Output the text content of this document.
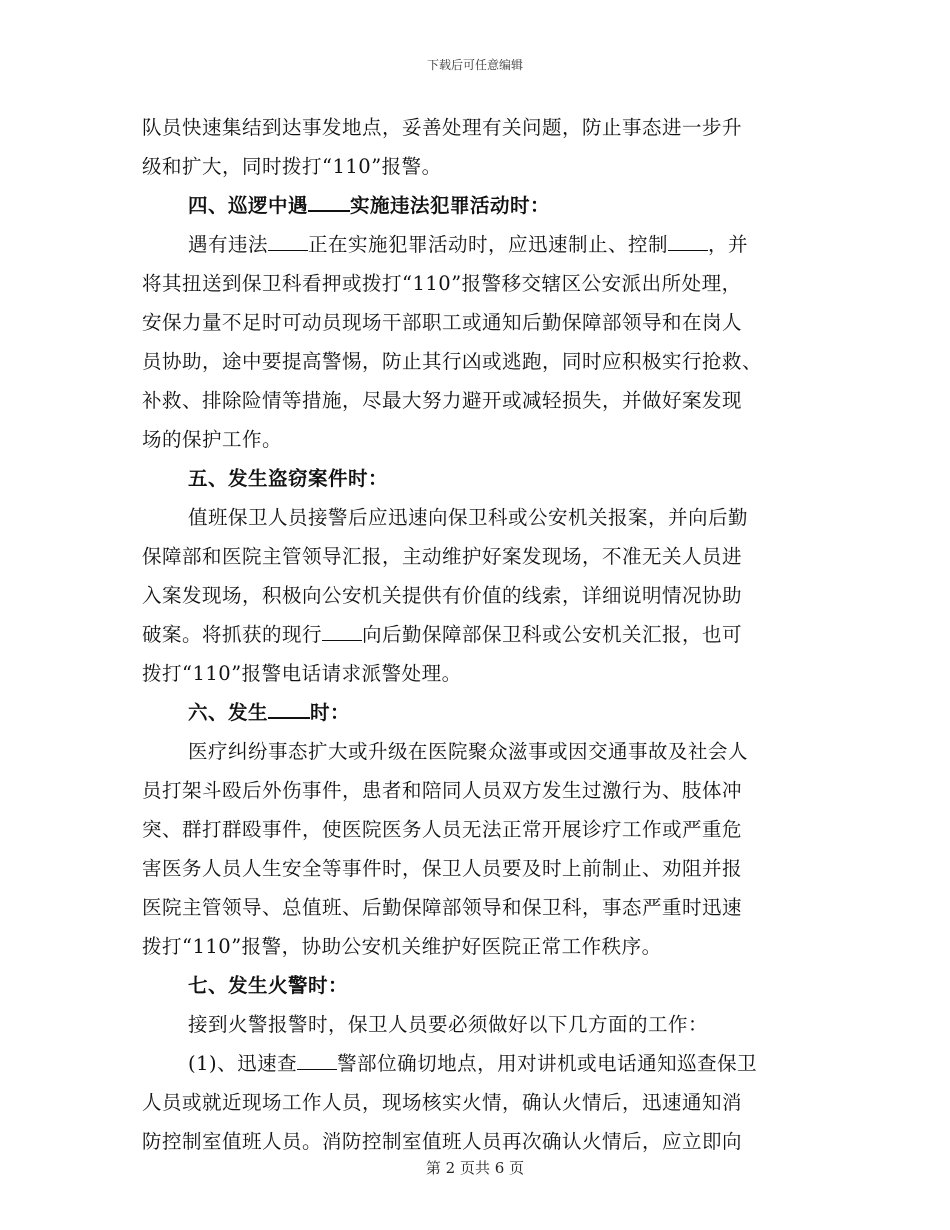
下载后可任意编辑
队员快速集结到达事发地点，妥善处理有关问题，防止事态进一步升
级和扩大，同时拨打“110”报警。
四、巡逻中遇 实施违法犯罪活动时：
遇有违法 正在实施犯罪活动时，应迅速制止、控制 ，并
将其扭送到保卫科看押或拨打“110”报警移交辖区公安派出所处理，
安保力量不足时可动员现场干部职工或通知后勤保障部领导和在岗人
员协助，途中要提高警惕，防止其行凶或逃跑，同时应积极实行抢救、
补救、排除险情等措施，尽最大努力避开或减轻损失，并做好案发现
场的保护工作。
五、发生盗窃案件时：
值班保卫人员接警后应迅速向保卫科或公安机关报案，并向后勤
保障部和医院主管领导汇报，主动维护好案发现场，不准无关人员进
入案发现场，积极向公安机关提供有价值的线索，详细说明情况协助
破案。将抓获的现行 向后勤保障部保卫科或公安机关汇报，也可
拨打“110”报警电话请求派警处理。
六、发生 时：
医疗纠纷事态扩大或升级在医院聚众滋事或因交通事故及社会人
员打架斗殴后外伤事件，患者和陪同人员双方发生过激行为、肢体冲
突、群打群殴事件，使医院医务人员无法正常开展诊疗工作或严重危
害医务人员人生安全等事件时，保卫人员要及时上前制止、劝阻并报
医院主管领导、总值班、后勤保障部领导和保卫科，事态严重时迅速
拨打“110”报警，协助公安机关维护好医院正常工作秩序。
七、发生火警时：
接到火警报警时，保卫人员要必须做好以下几方面的工作：
(1)、迅速查 警部位确切地点，用对讲机或电话通知巡查保卫
人员或就近现场工作人员，现场核实火情，确认火情后，迅速通知消
防控制室值班人员。消防控制室值班人员再次确认火情后，应立即向
第 2 页共 6 页
